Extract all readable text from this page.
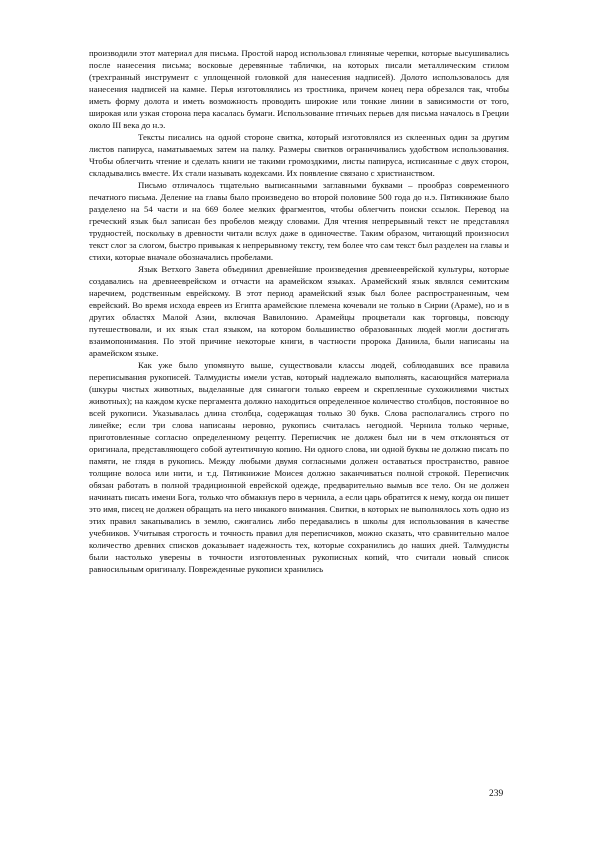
производили этот материал для письма. Простой народ использовал глиняные черепки, которые высушивались после нанесения письма; восковые деревянные таблички, на которых писали металлическим стилом (трехгранный инструмент с уплощенной головкой для нанесения надписей). Долото использовалось для нанесения надписей на камне. Перья изготовлялись из тростника, причем конец пера обрезался так, чтобы иметь форму долота и иметь возможность проводить широкие или тонкие линии в зависимости от того, широкая или узкая сторона пера касалась бумаги. Использование птичьих перьев для письма началось в Греции около III века до н.э.

Тексты писались на одной стороне свитка, который изготовлялся из склеенных один за другим листов папируса, наматываемых затем на палку. Размеры свитков ограничивались удобством использования. Чтобы облегчить чтение и сделать книги не такими громоздкими, листы папируса, исписанные с двух сторон, складывались вместе. Их стали называть кодексами. Их появление связано с христианством.

Письмо отличалось тщательно выписанными заглавными буквами – прообраз современного печатного письма. Деление на главы было произведено во второй половине 500 года до н.э. Пятикнижие было разделено на 54 части и на 669 более мелких фрагментов, чтобы облегчить поиски ссылок. Перевод на греческий язык был записан без пробелов между словами. Для чтения непрерывный текст не представлял трудностей, поскольку в древности читали вслух даже в одиночестве. Таким образом, читающий произносил текст слог за слогом, быстро привыкая к непрерывному тексту, тем более что сам текст был разделен на главы и стихи, которые вначале обозначались пробелами.

Язык Ветхого Завета объединил древнейшие произведения древнееврейской культуры, которые создавались на древнееврейском и отчасти на арамейском языках. Арамейский язык являлся семитским наречием, родственным еврейскому. В этот период арамейский язык был более распространенным, чем еврейский. Во время исхода евреев из Египта арамейские племена кочевали не только в Сирии (Араме), но и в других областях Малой Азии, включая Вавилонию. Арамейцы процветали как торговцы, повсюду путешествовали, и их язык стал языком, на котором большинство образованных людей могли достигать взаимопонимания. По этой причине некоторые книги, в частности пророка Даниила, были написаны на арамейском языке.

Как уже было упомянуто выше, существовали классы людей, соблюдавших все правила переписывания рукописей. Талмудисты имели устав, который надлежало выполнять, касающийся материала (шкуры чистых животных, выделанные для синагоги только евреем и скрепленные сухожилиями чистых животных); на каждом куске пергамента должно находиться определенное количество столбцов, постоянное во всей рукописи. Указывалась длина столбца, содержащая только 30 букв. Слова располагались строго по линейке; если три слова написаны неровно, рукопись считалась негодной. Чернила только черные, приготовленные согласно определенному рецепту. Переписчик не должен был ни в чем отклоняться от оригинала, представляющего собой аутентичную копию. Ни одного слова, ни одной буквы не должно писать по памяти, не глядя в рукопись. Между любыми двумя согласными должен оставаться пространство, равное толщине волоса или нити, и т.д. Пятикнижие Моисея должно заканчиваться полной строкой. Переписчик обязан работать в полной традиционной еврейской одежде, предварительно вымыв все тело. Он не должен начинать писать имени Бога, только что обмакнув перо в чернила, а если царь обратится к нему, когда он пишет это имя, писец не должен обращать на него никакого внимания. Свитки, в которых не выполнялось хоть одно из этих правил закапывались в землю, сжигались либо передавались в школы для использования в качестве учебников. Учитывая строгость и точность правил для переписчиков, можно сказать, что сравнительно малое количество древних списков доказывает надежность тех, которые сохранились до наших дней. Талмудисты были настолько уверены в точности изготовленных рукописных копий, что считали новый список равносильным оригиналу. Поврежденные рукописи хранились

239
